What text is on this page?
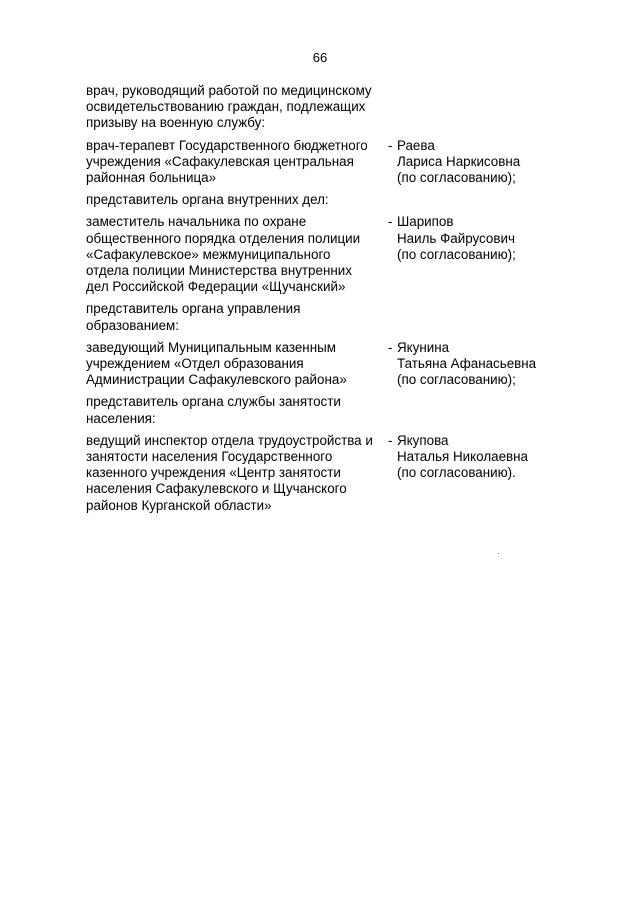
66
врач, руководящий работой по медицинскому
освидетельствованию граждан, подлежащих
призыву на военную службу:
врач-терапевт Государственного бюджетного
учреждения «Сафакулевская центральная
районная больница»
- Раева
Лариса Наркисовна
(по согласованию);
представитель органа внутренних дел:
заместитель начальника по охране
общественного порядка отделения полиции
«Сафакулевское» межмуниципального
отдела полиции Министерства внутренних
дел Российской Федерации «Щучанский»
- Шарипов
Наиль Файрусович
(по согласованию);
представитель органа управления
образованием:
заведующий Муниципальным казенным
учреждением «Отдел образования
Администрации Сафакулевского района»
- Якунина
Татьяна Афанасьевна
(по согласованию);
представитель органа службы занятости
населения:
ведущий инспектор отдела трудоустройства и
занятости населения Государственного
казенного учреждения «Центр занятости
населения Сафакулевского и Щучанского
районов Курганской области»
- Якупова
Наталья Николаевна
(по согласованию).
